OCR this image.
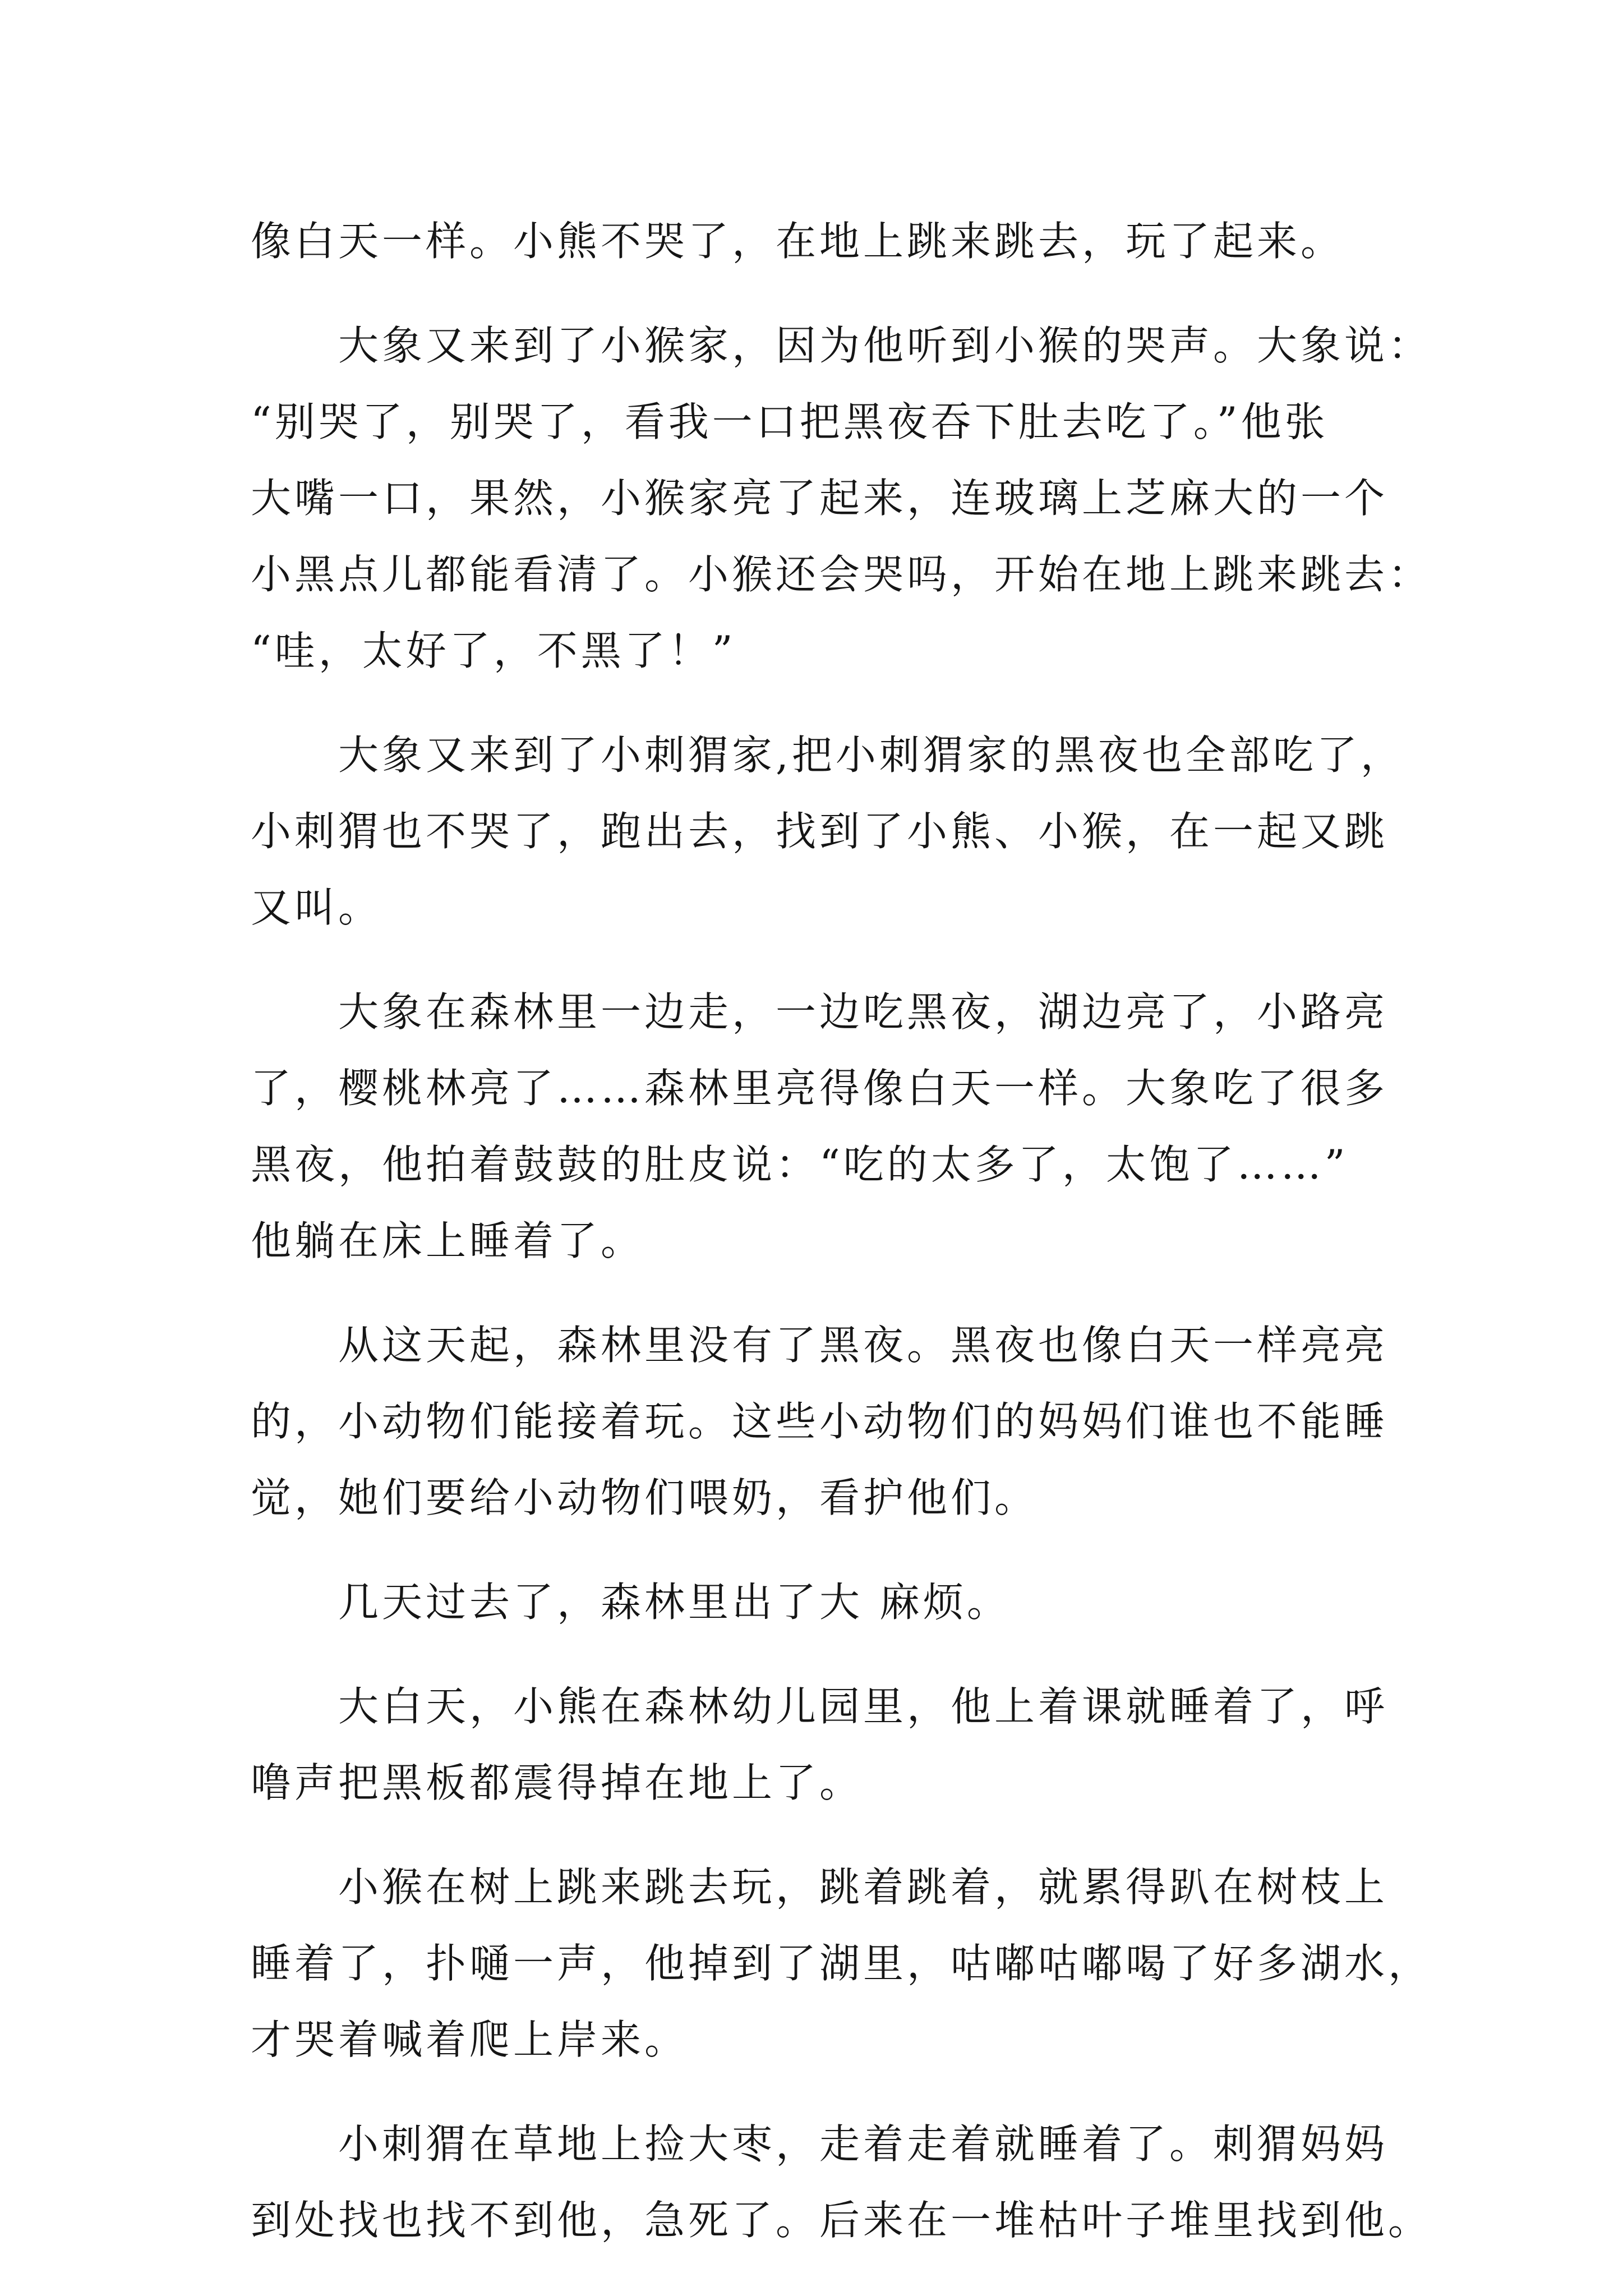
像白天一样。小熊不哭了，在地上跳来跳去，玩了起来。
大象又来到了小猴家，因为他听到小猴的哭声。大象说：
“别哭了，别哭了，看我一口把黑夜吞下肚去吃了。”他张
大嘴一口，果然，小猴家亮了起来，连玻璃上芝麻大的一个
小黑点儿都能看清了。小猴还会哭吗，开始在地上跳来跳去：
“哇，太好了，不黑了！”
大象又来到了小刺猬家,把小刺猬家的黑夜也全部吃了，
小刺猬也不哭了，跑出去，找到了小熊、小猴，在一起又跳
又叫。
大象在森林里一边走，一边吃黑夜，湖边亮了，小路亮
了，樱桃林亮了……森林里亮得像白天一样。大象吃了很多
黑夜，他拍着鼓鼓的肚皮说：“吃的太多了，太饱了……”
他躺在床上睡着了。
从这天起，森林里没有了黑夜。黑夜也像白天一样亮亮
的，小动物们能接着玩。这些小动物们的妈妈们谁也不能睡
觉，她们要给小动物们喂奶，看护他们。
几天过去了，森林里出了大 麻烦。
大白天，小熊在森林幼儿园里，他上着课就睡着了，呼
噜声把黑板都震得掉在地上了。
小猴在树上跳来跳去玩，跳着跳着，就累得趴在树枝上
睡着了，扑嗵一声，他掉到了湖里，咕嘟咕嘟喝了好多湖水，
才哭着喊着爬上岸来。
小刺猬在草地上捡大枣，走着走着就睡着了。刺猬妈妈
到处找也找不到他，急死了。后来在一堆枯叶子堆里找到他。
